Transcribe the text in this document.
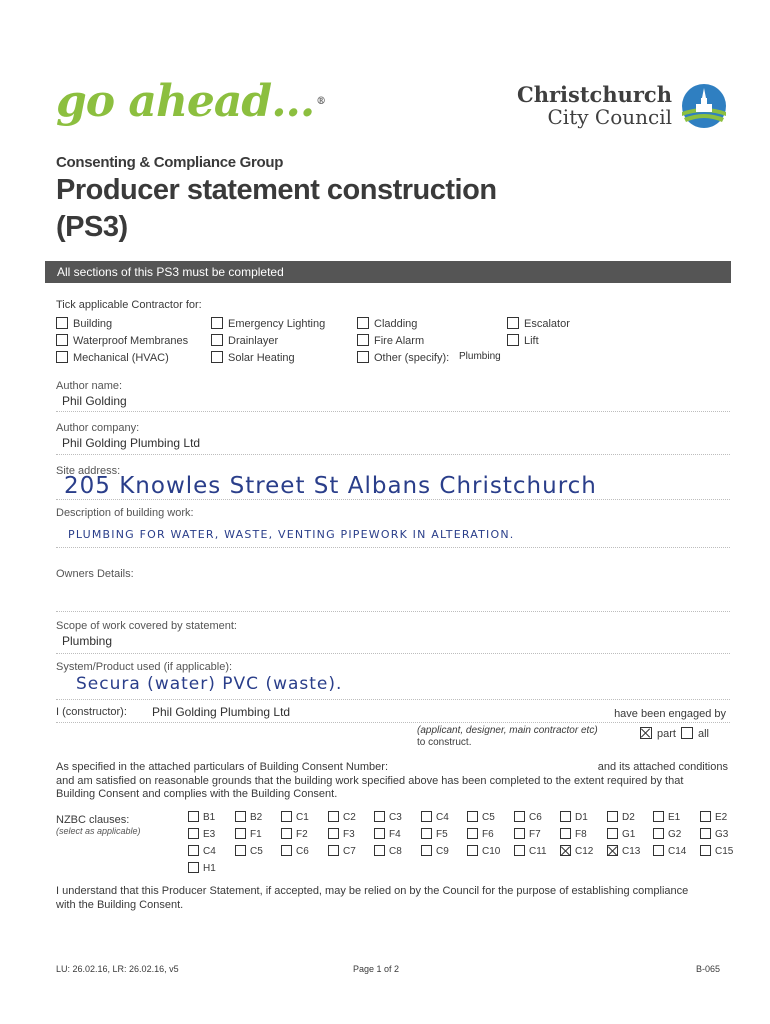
go ahead... ®	Christchurch
City Council
Consenting & Compliance Group
Producer statement construction
(PS3)
All sections of this PS3 must be completed
Tick applicable Contractor for:
Building	Emergency Lighting	Cladding	Escalator
Waterproof Membranes	Drainlayer	Fire Alarm	Lift
Mechanical (HVAC)	Solar Heating	Other (specify): Plumbing
Author name:
Phil Golding
Author company:
Phil Golding Plumbing Ltd
Site address:
205 Knowles Street St Albans Christchurch
Description of building work:
PLUMBING FOR WATER, WASTE, VENTING PIPEWORK IN ALTERATION.
Owners Details:
Scope of work covered by statement:
Plumbing
System/Product used (if applicable):
Secura (water) PVC (waste).
I (constructor): Phil Golding Plumbing Ltd	have been engaged by
(applicant, designer, main contractor etc)
to construct.
part	all
As specified in the attached particulars of Building Consent Number:	and its attached conditions
and am satisfied on reasonable grounds that the building work specified above has been completed to the extent required by that
Building Consent and complies with the Building Consent.
NZBC clauses:
(select as applicable)
B1	B2	C1	C2	C3	C4	C5	C6	D1	D2	E1	E2
E3	F1	F2	F3	F4	F5	F6	F7	F8	G1	G2	G3
C4	C5	C6	C7	C8	C9	C10	C11	C12	C13	C14	C15
H1
I understand that this Producer Statement, if accepted, may be relied on by the Council for the purpose of establishing compliance
with the Building Consent.
LU: 26.02.16, LR: 26.02.16, v5	Page 1 of 2	B-065
